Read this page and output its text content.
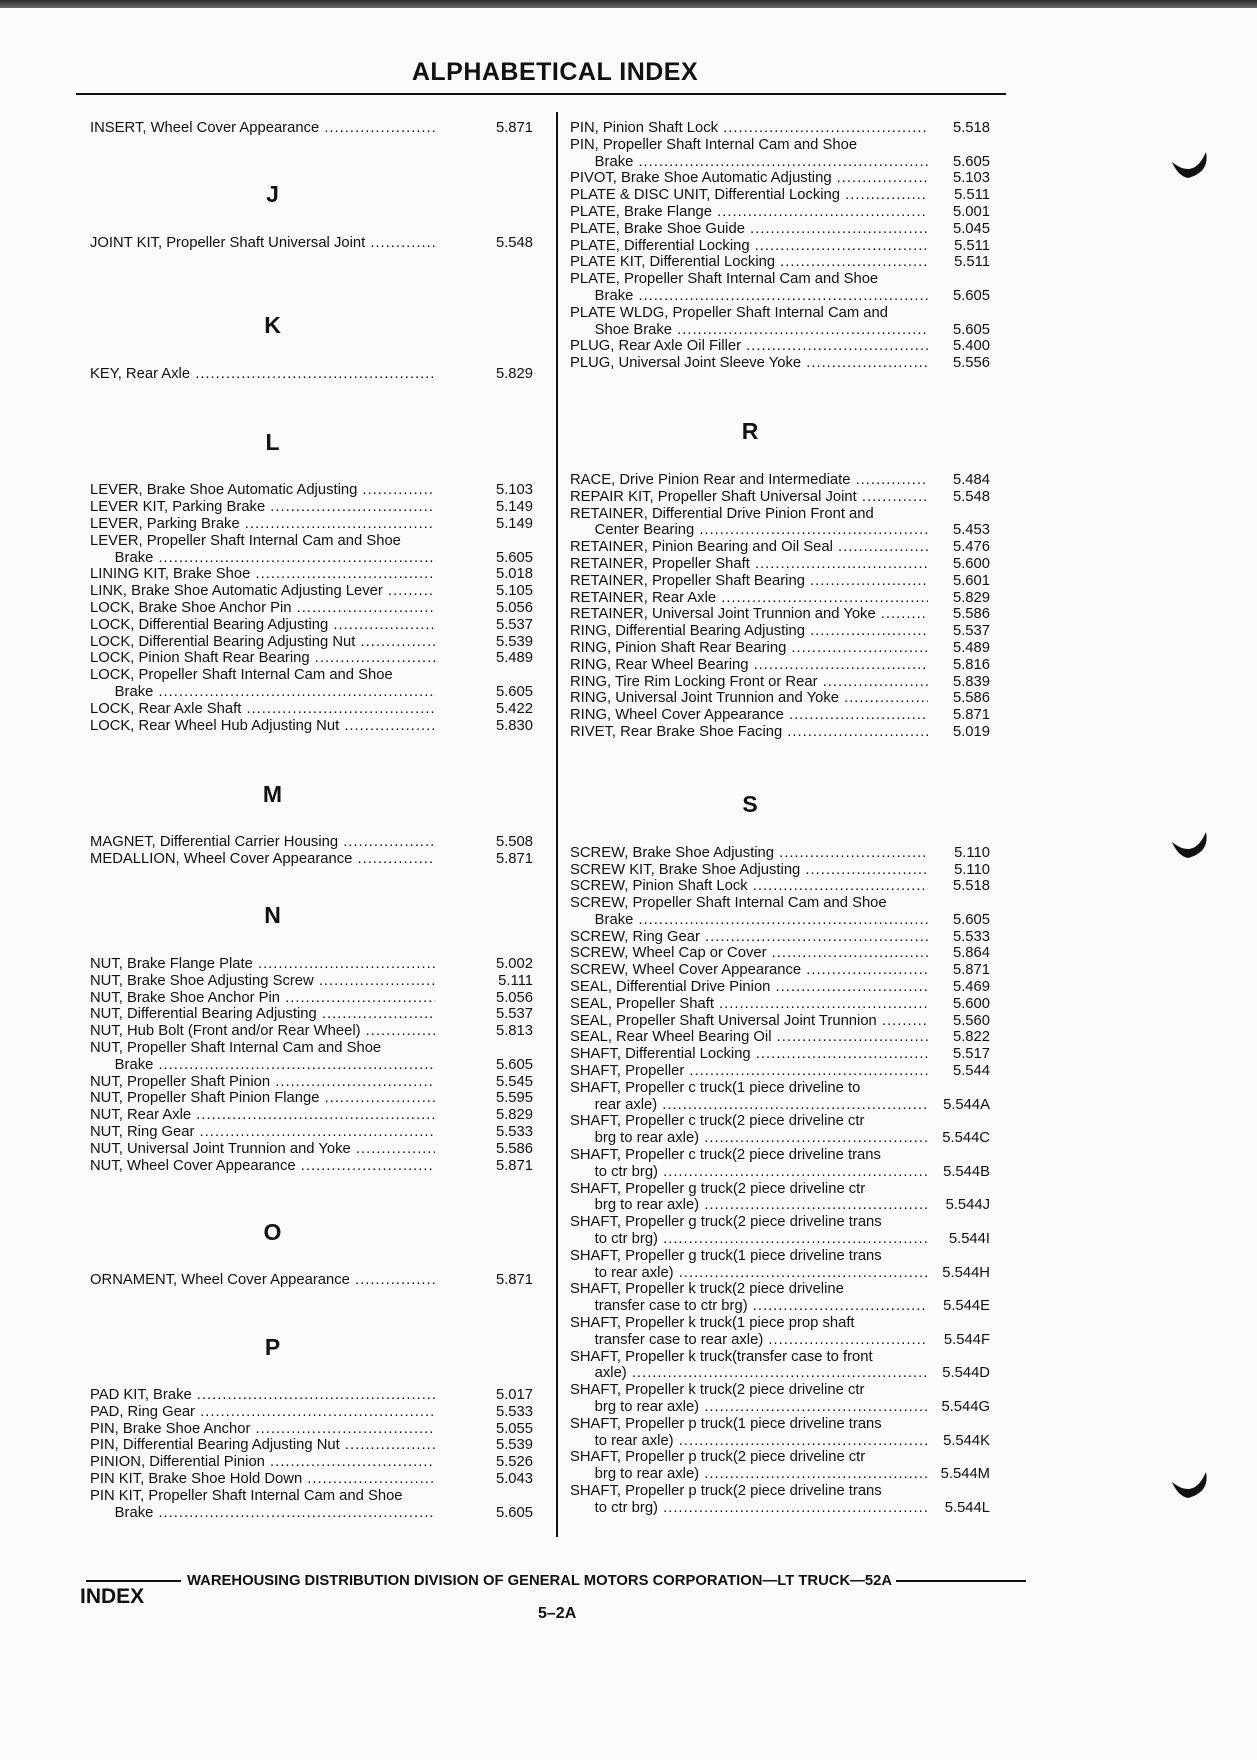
ALPHABETICAL INDEX
INSERT, Wheel Cover Appearance .....	5.871
J
JOINT KIT, Propeller Shaft Universal Joint .....	5.548
K
KEY, Rear Axle .....	5.829
L
LEVER, Brake Shoe Automatic Adjusting .....	5.103
LEVER KIT, Parking Brake .....	5.149
LEVER, Parking Brake .....	5.149
LEVER, Propeller Shaft Internal Cam and Shoe
Brake .....	5.605
LINING KIT, Brake Shoe .....	5.018
LINK, Brake Shoe Automatic Adjusting Lever .....	5.105
LOCK, Brake Shoe Anchor Pin .....	5.056
LOCK, Differential Bearing Adjusting .....	5.537
LOCK, Differential Bearing Adjusting Nut .....	5.539
LOCK, Pinion Shaft Rear Bearing .....	5.489
LOCK, Propeller Shaft Internal Cam and Shoe
Brake .....	5.605
LOCK, Rear Axle Shaft .....	5.422
LOCK, Rear Wheel Hub Adjusting Nut .....	5.830
M
MAGNET, Differential Carrier Housing .....	5.508
MEDALLION, Wheel Cover Appearance .....	5.871
N
NUT, Brake Flange Plate .....	5.002
NUT, Brake Shoe Adjusting Screw .....	5.111
NUT, Brake Shoe Anchor Pin .....	5.056
NUT, Differential Bearing Adjusting .....	5.537
NUT, Hub Bolt (Front and/or Rear Wheel) .....	5.813
NUT, Propeller Shaft Internal Cam and Shoe
Brake .....	5.605
NUT, Propeller Shaft Pinion .....	5.545
NUT, Propeller Shaft Pinion Flange .....	5.595
NUT, Rear Axle .....	5.829
NUT, Ring Gear .....	5.533
NUT, Universal Joint Trunnion and Yoke .....	5.586
NUT, Wheel Cover Appearance .....	5.871
O
ORNAMENT, Wheel Cover Appearance .....	5.871
P
PAD KIT, Brake .....	5.017
PAD, Ring Gear .....	5.533
PIN, Brake Shoe Anchor .....	5.055
PIN, Differential Bearing Adjusting Nut .....	5.539
PINION, Differential Pinion .....	5.526
PIN KIT, Brake Shoe Hold Down .....	5.043
PIN KIT, Propeller Shaft Internal Cam and Shoe
Brake .....	5.605
PIN, Pinion Shaft Lock .....	5.518
PIN, Propeller Shaft Internal Cam and Shoe
Brake .....	5.605
PIVOT, Brake Shoe Automatic Adjusting .....	5.103
PLATE & DISC UNIT, Differential Locking .....	5.511
PLATE, Brake Flange .....	5.001
PLATE, Brake Shoe Guide .....	5.045
PLATE, Differential Locking .....	5.511
PLATE KIT, Differential Locking .....	5.511
PLATE, Propeller Shaft Internal Cam and Shoe
Brake .....	5.605
PLATE WLDG, Propeller Shaft Internal Cam and
Shoe Brake .....	5.605
PLUG, Rear Axle Oil Filler .....	5.400
PLUG, Universal Joint Sleeve Yoke .....	5.556
R
RACE, Drive Pinion Rear and Intermediate .....	5.484
REPAIR KIT, Propeller Shaft Universal Joint .....	5.548
RETAINER, Differential Drive Pinion Front and
Center Bearing .....	5.453
RETAINER, Pinion Bearing and Oil Seal .....	5.476
RETAINER, Propeller Shaft .....	5.600
RETAINER, Propeller Shaft Bearing .....	5.601
RETAINER, Rear Axle .....	5.829
RETAINER, Universal Joint Trunnion and Yoke .....	5.586
RING, Differential Bearing Adjusting .....	5.537
RING, Pinion Shaft Rear Bearing .....	5.489
RING, Rear Wheel Bearing .....	5.816
RING, Tire Rim Locking Front or Rear .....	5.839
RING, Universal Joint Trunnion and Yoke .....	5.586
RING, Wheel Cover Appearance .....	5.871
RIVET, Rear Brake Shoe Facing .....	5.019
S
SCREW, Brake Shoe Adjusting .....	5.110
SCREW KIT, Brake Shoe Adjusting .....	5.110
SCREW, Pinion Shaft Lock .....	5.518
SCREW, Propeller Shaft Internal Cam and Shoe
Brake .....	5.605
SCREW, Ring Gear .....	5.533
SCREW, Wheel Cap or Cover .....	5.864
SCREW, Wheel Cover Appearance .....	5.871
SEAL, Differential Drive Pinion .....	5.469
SEAL, Propeller Shaft .....	5.600
SEAL, Propeller Shaft Universal Joint Trunnion .....	5.560
SEAL, Rear Wheel Bearing Oil .....	5.822
SHAFT, Differential Locking .....	5.517
SHAFT, Propeller .....	5.544
SHAFT, Propeller c truck(1 piece driveline to
rear axle) .....	5.544A
SHAFT, Propeller c truck(2 piece driveline ctr
brg to rear axle) .....	5.544C
SHAFT, Propeller c truck(2 piece driveline trans
to ctr brg) .....	5.544B
SHAFT, Propeller g truck(2 piece driveline ctr
brg to rear axle) .....	5.544J
SHAFT, Propeller g truck(2 piece driveline trans
to ctr brg) .....	5.544I
SHAFT, Propeller g truck(1 piece driveline trans
to rear axle) .....	5.544H
SHAFT, Propeller k truck(2 piece driveline
transfer case to ctr brg) .....	5.544E
SHAFT, Propeller k truck(1 piece prop shaft
transfer case to rear axle) .....	5.544F
SHAFT, Propeller k truck(transfer case to front
axle) .....	5.544D
SHAFT, Propeller k truck(2 piece driveline ctr
brg to rear axle) .....	5.544G
SHAFT, Propeller p truck(1 piece driveline trans
to rear axle) .....	5.544K
SHAFT, Propeller p truck(2 piece driveline ctr
brg to rear axle) .....	5.544M
SHAFT, Propeller p truck(2 piece driveline trans
to ctr brg) .....	5.544L
WAREHOUSING DISTRIBUTION DIVISION OF GENERAL MOTORS CORPORATION—LT TRUCK—52A
INDEX
5–2A
